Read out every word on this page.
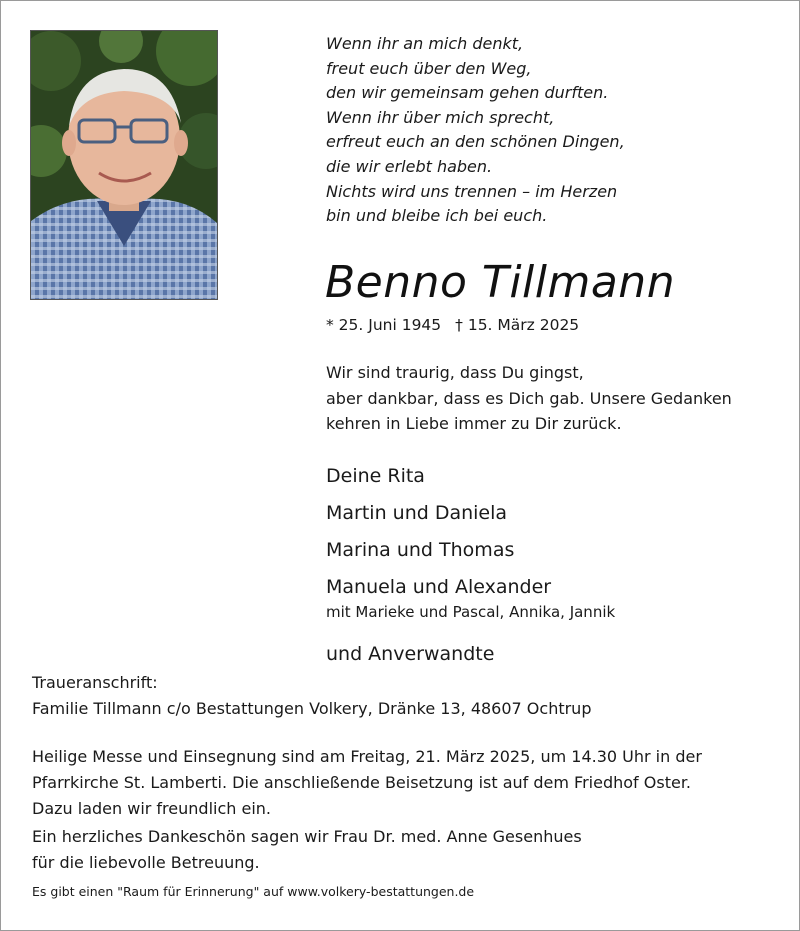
Wenn ihr an mich denkt,
freut euch über den Weg,
den wir gemeinsam gehen durften.
Wenn ihr über mich sprecht,
erfreut euch an den schönen Dingen,
die wir erlebt haben.
Nichts wird uns trennen – im Herzen
bin und bleibe ich bei euch.
Benno Tillmann
* 25. Juni 1945 † 15. März 2025
Wir sind traurig, dass Du gingst,
aber dankbar, dass es Dich gab. Unsere Gedanken
kehren in Liebe immer zu Dir zurück.
Deine Rita
Martin und Daniela
Marina und Thomas
Manuela und Alexander
mit Marieke und Pascal, Annika, Jannik
und Anverwandte
Traueranschrift:
Familie Tillmann c/o Bestattungen Volkery, Dränke 13, 48607 Ochtrup
Heilige Messe und Einsegnung sind am Freitag, 21. März 2025, um 14.30 Uhr in der
Pfarrkirche St. Lamberti. Die anschließende Beisetzung ist auf dem Friedhof Oster.
Dazu laden wir freundlich ein.
Ein herzliches Dankeschön sagen wir Frau Dr. med. Anne Gesenhues
für die liebevolle Betreuung.
Es gibt einen "Raum für Erinnerung" auf www.volkery-bestattungen.de
